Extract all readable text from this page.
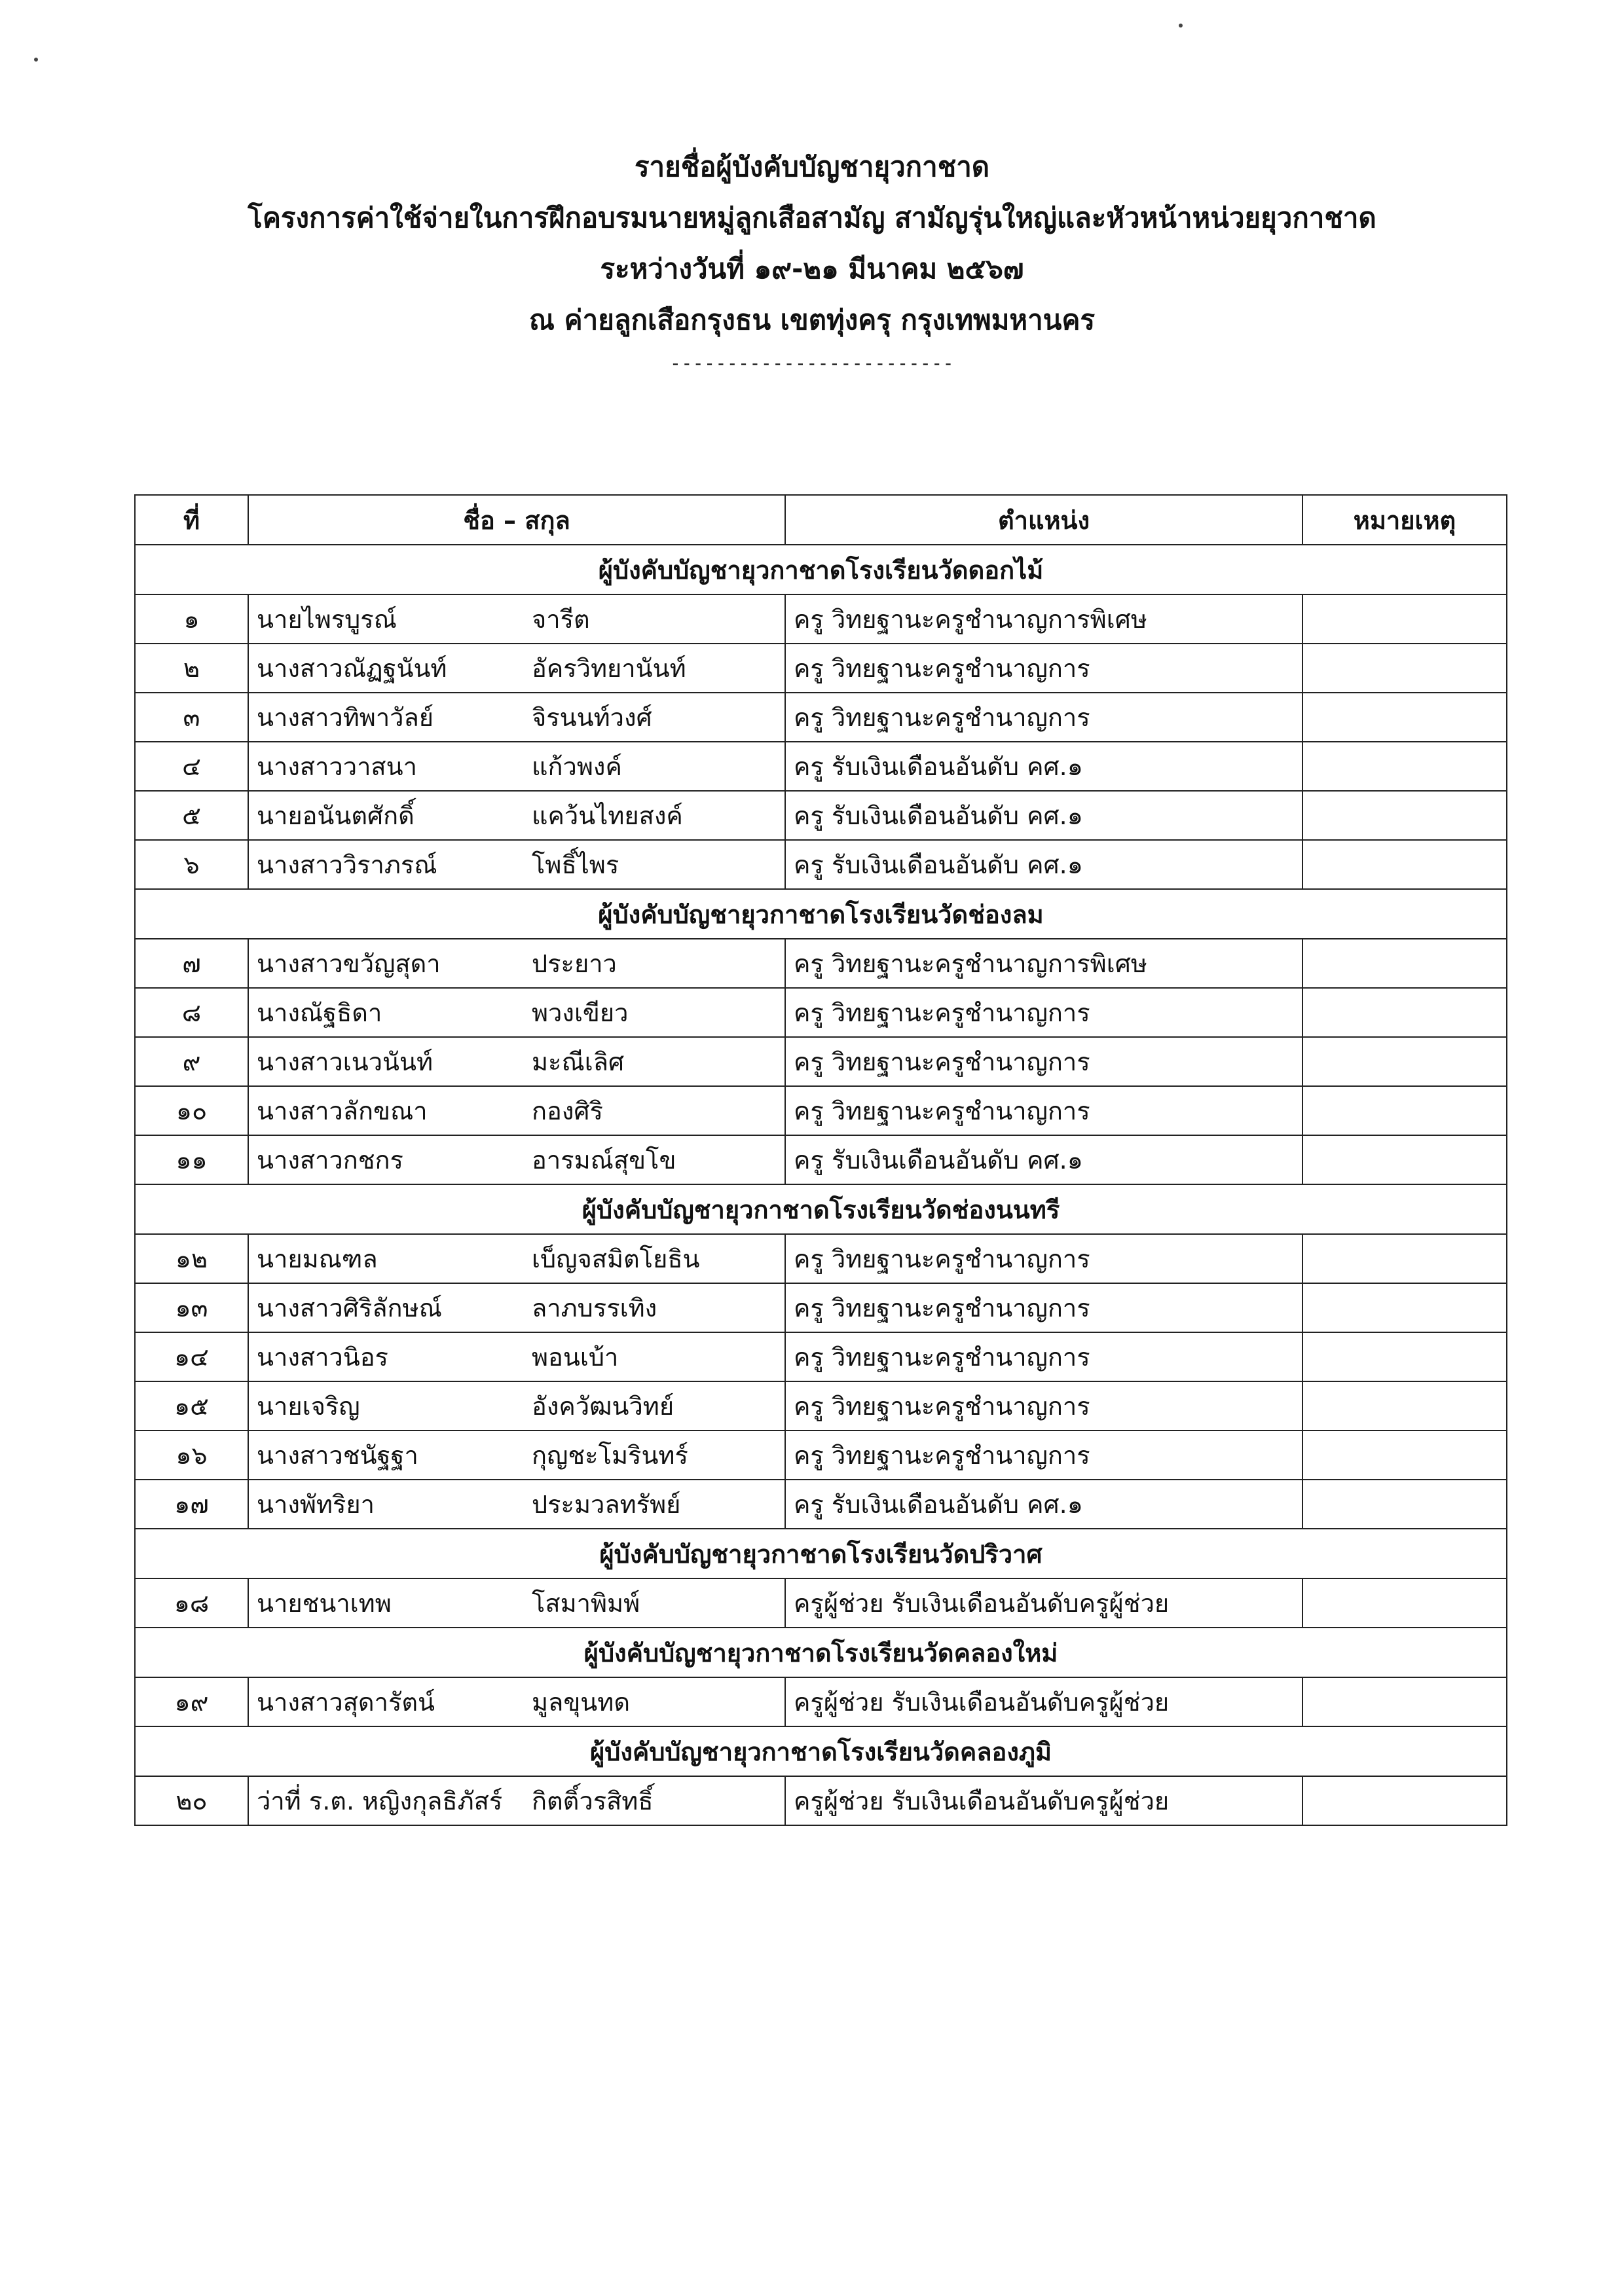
รายชื่อผู้บังคับบัญชายุวกาชาด
โครงการค่าใช้จ่ายในการฝึกอบรมนายหมู่ลูกเสือสามัญ สามัญรุ่นใหญ่และหัวหน้าหน่วยยุวกาชาด
ระหว่างวันที่ ๑๙-๒๑ มีนาคม ๒๕๖๗
ณ ค่ายลูกเสือกรุงธน เขตทุ่งครุ กรุงเทพมหานคร
-------------------------
ที่	ชื่อ – สกุล	ตำแหน่ง	หมายเหตุ
ผู้บังคับบัญชายุวกาชาดโรงเรียนวัดดอกไม้			
๑	นายไพรบูรณ์ จารีต	ครู วิทยฐานะครูชำนาญการพิเศษ	
๒	นางสาวณัฏฐนันท์ อัครวิทยานันท์	ครู วิทยฐานะครูชำนาญการ	
๓	นางสาวทิพาวัลย์ จิรนนท์วงศ์	ครู วิทยฐานะครูชำนาญการ	
๔	นางสาววาสนา แก้วพงค์	ครู รับเงินเดือนอันดับ คศ.๑	
๕	นายอนันตศักดิ์ แคว้นไทยสงค์	ครู รับเงินเดือนอันดับ คศ.๑	
๖	นางสาววิราภรณ์ โพธิ์ไพร	ครู รับเงินเดือนอันดับ คศ.๑	
ผู้บังคับบัญชายุวกาชาดโรงเรียนวัดช่องลม			
๗	นางสาวขวัญสุดา ประยาว	ครู วิทยฐานะครูชำนาญการพิเศษ	
๘	นางณัฐธิดา พวงเขียว	ครู วิทยฐานะครูชำนาญการ	
๙	นางสาวเนวนันท์ มะณีเลิศ	ครู วิทยฐานะครูชำนาญการ	
๑๐	นางสาวลักขณา กองศิริ	ครู วิทยฐานะครูชำนาญการ	
๑๑	นางสาวกชกร อารมณ์สุขโข	ครู รับเงินเดือนอันดับ คศ.๑	
ผู้บังคับบัญชายุวกาชาดโรงเรียนวัดช่องนนทรี			
๑๒	นายมณฑล เบ็ญจสมิตโยธิน	ครู วิทยฐานะครูชำนาญการ	
๑๓	นางสาวศิริลักษณ์ ลาภบรรเทิง	ครู วิทยฐานะครูชำนาญการ	
๑๔	นางสาวนิอร พอนเบ้า	ครู วิทยฐานะครูชำนาญการ	
๑๕	นายเจริญ อังควัฒนวิทย์	ครู วิทยฐานะครูชำนาญการ	
๑๖	นางสาวชนัฐฐา กุญชะโมรินทร์	ครู วิทยฐานะครูชำนาญการ	
๑๗	นางพัทริยา ประมวลทรัพย์	ครู รับเงินเดือนอันดับ คศ.๑	
ผู้บังคับบัญชายุวกาชาดโรงเรียนวัดปริวาศ			
๑๘	นายชนาเทพ โสมาพิมพ์	ครูผู้ช่วย รับเงินเดือนอันดับครูผู้ช่วย	
ผู้บังคับบัญชายุวกาชาดโรงเรียนวัดคลองใหม่			
๑๙	นางสาวสุดารัตน์ มูลขุนทด	ครูผู้ช่วย รับเงินเดือนอันดับครูผู้ช่วย	
ผู้บังคับบัญชายุวกาชาดโรงเรียนวัดคลองภูมิ			
๒๐	ว่าที่ ร.ต. หญิงกุลธิภัสร์ กิตติ์วรสิทธิ์	ครูผู้ช่วย รับเงินเดือนอันดับครูผู้ช่วย	
